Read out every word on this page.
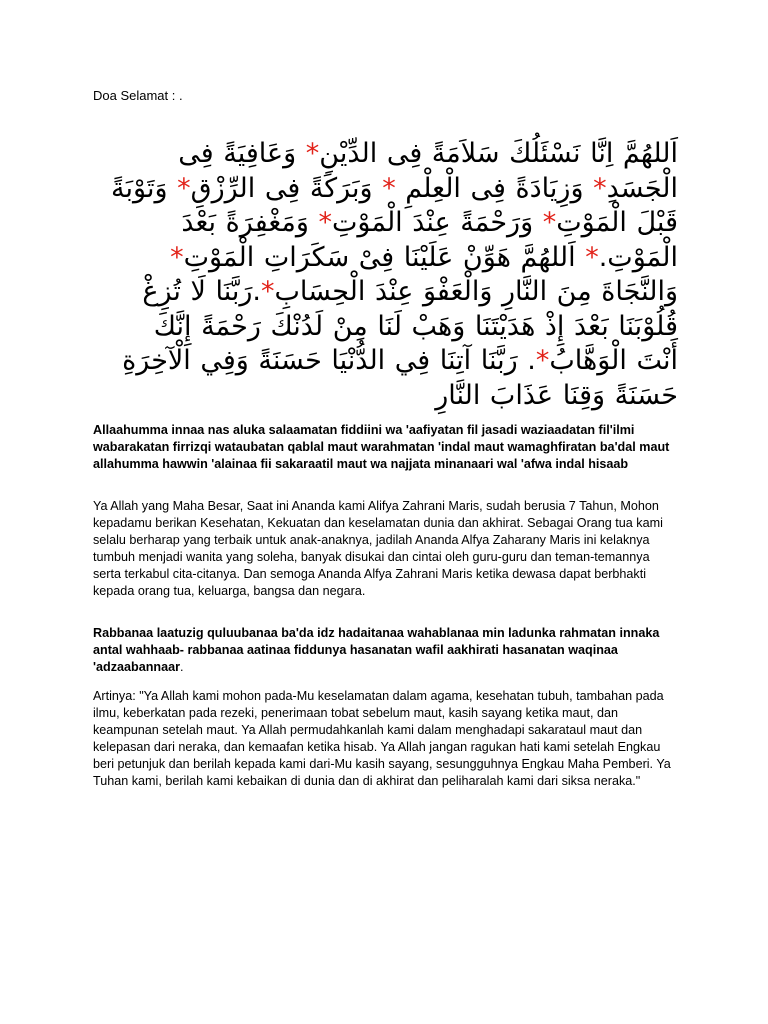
Doa Selamat : .

اَللهُمَّ اِنَّا نَسْئَلُكَ سَلاَمَةً فِى الدِّيْنِ* وَعَافِيَةً فِى
الْجَسَدِ* وَزِيَادَةً فِى الْعِلْمِ * وَبَرَكَةً فِى الرِّزْقِ* وَتَوْبَةً
قَبْلَ الْمَوْتِ* وَرَحْمَةً عِنْدَ الْمَوْتِ* وَمَغْفِرَةً بَعْدَ
الْمَوْتِ.* اَللهُمَّ هَوِّنْ عَلَيْنَا فِىْ سَكَرَاتِ الْمَوْتِ*
وَالنَّجَاةَ مِنَ النَّارِ وَالْعَفْوَ عِنْدَ الْحِسَابِ*.رَبَّنَا لَا تُزِغْ
قُلُوْبَنَا بَعْدَ إِذْ هَدَيْتَنَا وَهَبْ لَنَا مِنْ لَدُنْكَ رَحْمَةً إِنَّكَ
أَنْتَ الْوَهَّابُ*. رَبَّنَا آتِنَا فِي الدُّنْيَا حَسَنَةً وَفِي الْآخِرَةِ
حَسَنَةً وَقِنَا عَذَابَ النَّارِ

Allaahumma innaa nas aluka salaamatan fiddiini wa 'aafiyatan fil jasadi waziaadatan fil'ilmi wabarakatan firrizqi wataubatan qablal maut warahmatan 'indal maut wamaghfiratan ba'dal maut allahumma hawwin 'alainaa fii sakaraatil maut wa najjata minanaari wal 'afwa indal hisaab

Ya Allah yang Maha Besar, Saat ini Ananda kami Alifya Zahrani Maris, sudah berusia 7 Tahun, Mohon kepadamu berikan Kesehatan, Kekuatan dan keselamatan dunia dan akhirat. Sebagai Orang tua kami selalu berharap yang terbaik untuk anak-anaknya, jadilah Ananda Alfya Zaharany Maris ini kelaknya tumbuh menjadi wanita yang soleha, banyak disukai dan cintai oleh guru-guru dan teman-temannya serta terkabul cita-citanya. Dan semoga Ananda Alfya Zahrani Maris ketika dewasa dapat berbhakti kepada orang tua, keluarga, bangsa dan negara.

Rabbanaa laatuzig quluubanaa ba'da idz hadaitanaa wahablanaa min ladunka rahmatan innaka antal wahhaab- rabbanaa aatinaa fiddunya hasanatan wafil aakhirati hasanatan waqinaa 'adzaabannaar.

Artinya: "Ya Allah kami mohon pada-Mu keselamatan dalam agama, kesehatan tubuh, tambahan pada ilmu, keberkatan pada rezeki, penerimaan tobat sebelum maut, kasih sayang ketika maut, dan keampunan setelah maut. Ya Allah permudahkanlah kami dalam menghadapi sakarataul maut dan kelepasan dari neraka, dan kemaafan ketika hisab. Ya Allah jangan ragukan hati kami setelah Engkau beri petunjuk dan berilah kepada kami dari-Mu kasih sayang, sesungguhnya Engkau Maha Pemberi. Ya Tuhan kami, berilah kami kebaikan di dunia dan di akhirat dan peliharalah kami dari siksa neraka."
